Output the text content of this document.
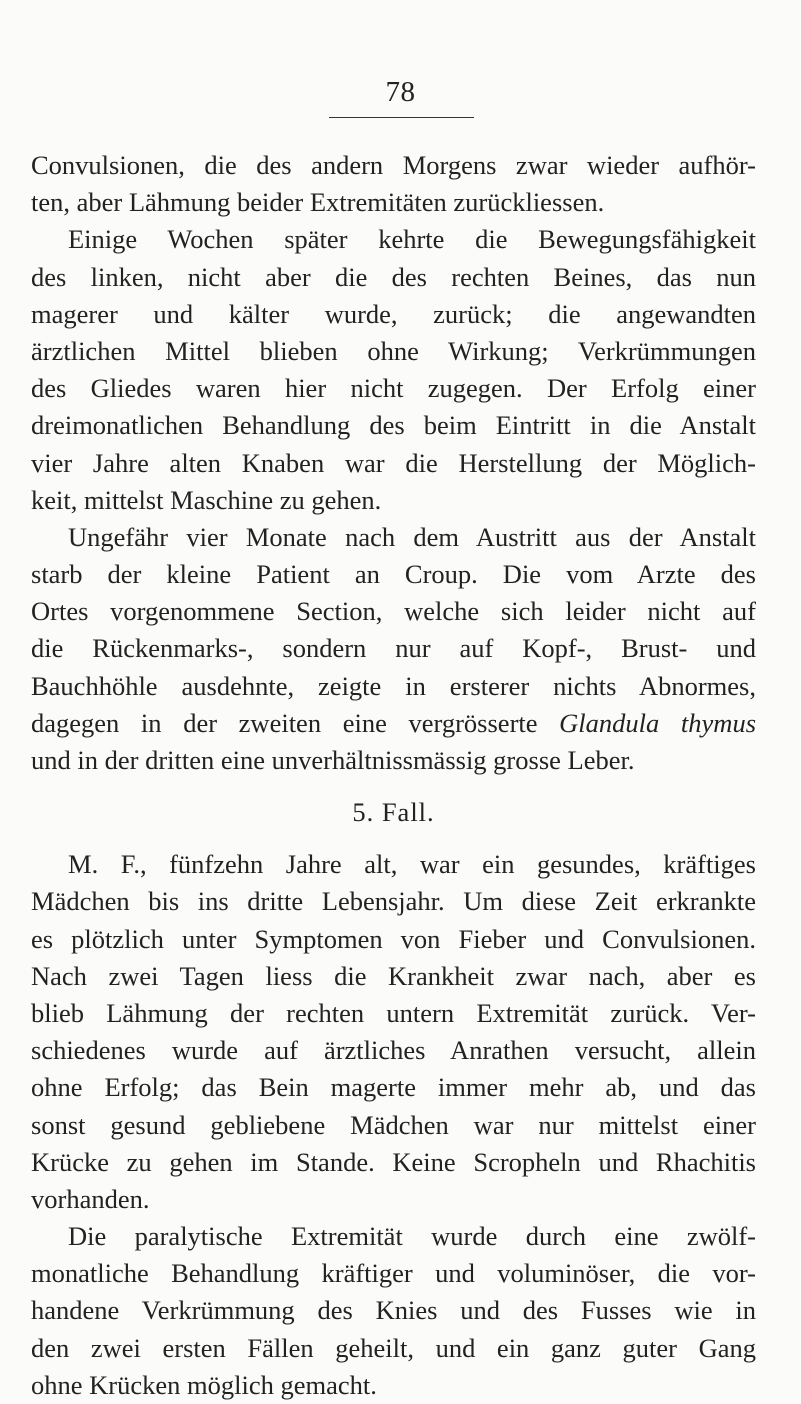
78
Convulsionen, die des andern Morgens zwar wieder aufhör-
ten, aber Lähmung beider Extremitäten zurückliessen.
Einige Wochen später kehrte die Bewegungsfähigkeit
des linken, nicht aber die des rechten Beines, das nun
magerer und kälter wurde, zurück; die angewandten
ärztlichen Mittel blieben ohne Wirkung; Verkrümmungen
des Gliedes waren hier nicht zugegen. Der Erfolg einer
dreimonatlichen Behandlung des beim Eintritt in die Anstalt
vier Jahre alten Knaben war die Herstellung der Möglich-
keit, mittelst Maschine zu gehen.
Ungefähr vier Monate nach dem Austritt aus der Anstalt
starb der kleine Patient an Croup. Die vom Arzte des
Ortes vorgenommene Section, welche sich leider nicht auf
die Rückenmarks-, sondern nur auf Kopf-, Brust- und
Bauchhöhle ausdehnte, zeigte in ersterer nichts Abnormes,
dagegen in der zweiten eine vergrösserte Glandula thymus
und in der dritten eine unverhältnissmässig grosse Leber.
5. Fall.
M. F., fünfzehn Jahre alt, war ein gesundes, kräftiges
Mädchen bis ins dritte Lebensjahr. Um diese Zeit erkrankte
es plötzlich unter Symptomen von Fieber und Convulsionen.
Nach zwei Tagen liess die Krankheit zwar nach, aber es
blieb Lähmung der rechten untern Extremität zurück. Ver-
schiedenes wurde auf ärztliches Anrathen versucht, allein
ohne Erfolg; das Bein magerte immer mehr ab, und das
sonst gesund gebliebene Mädchen war nur mittelst einer
Krücke zu gehen im Stande. Keine Scropheln und Rhachitis
vorhanden.
Die paralytische Extremität wurde durch eine zwölf-
monatliche Behandlung kräftiger und voluminöser, die vor-
handene Verkrümmung des Knies und des Fusses wie in
den zwei ersten Fällen geheilt, und ein ganz guter Gang
ohne Krücken möglich gemacht.
